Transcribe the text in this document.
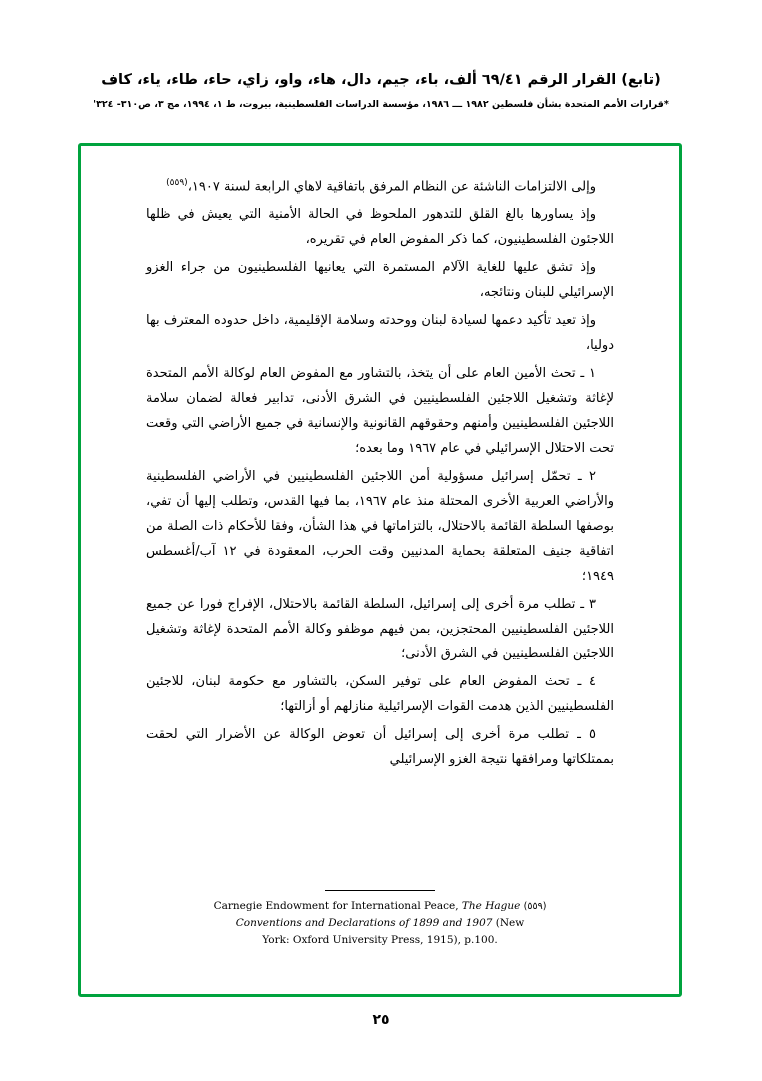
(تابع) القرار الرقم ٦٩/٤١ ألف، باء، جيم، دال، هاء، واو، زاي، حاء، طاء، ياء، كاف
*قرارات الأمم المتحدة بشأن فلسطين ١٩٨٢ ـــ ١٩٨٦، مؤسسة الدراسات الفلسطينية، بيروت، ط ١، ١٩٩٤، مج ٣، ص٣١٠- ٣٢٤'

وإلى الالتزامات الناشئة عن النظام المرفق باتفاقية لاهاي الرابعة لسنة ١٩٠٧،$^{(٥٥٩)}$

وإذ يساورها بالغ القلق للتدهور الملحوظ في الحالة الأمنية التي يعيش في ظلها اللاجئون الفلسطينيون، كما ذكر المفوض العام في تقريره،

وإذ تشق عليها للغاية الآلام المستمرة التي يعانيها الفلسطينيون من جراء الغزو الإسرائيلي للبنان ونتائجه،

وإذ تعيد تأكيد دعمها لسيادة لبنان ووحدته وسلامة الإقليمية، داخل حدوده المعترف بها دوليا،

١ ـ تحث الأمين العام على أن يتخذ، بالتشاور مع المفوض العام لوكالة الأمم المتحدة لإغاثة وتشغيل اللاجئين الفلسطينيين في الشرق الأدنى، تدابير فعالة لضمان سلامة اللاجئين الفلسطينيين وأمنهم وحقوقهم القانونية والإنسانية في جميع الأراضي التي وقعت تحت الاحتلال الإسرائيلي في عام ١٩٦٧ وما بعده؛

٢ ـ تحمّل إسرائيل مسؤولية أمن اللاجئين الفلسطينيين في الأراضي الفلسطينية والأراضي العربية الأخرى المحتلة منذ عام ١٩٦٧، بما فيها القدس، وتطلب إليها أن تفي، بوصفها السلطة القائمة بالاحتلال، بالتزاماتها في هذا الشأن، وفقا للأحكام ذات الصلة من اتفاقية جنيف المتعلقة بحماية المدنيين وقت الحرب، المعقودة في ١٢ آب/أغسطس ١٩٤٩؛

٣ ـ تطلب مرة أخرى إلى إسرائيل، السلطة القائمة بالاحتلال، الإفراج فورا عن جميع اللاجئين الفلسطينيين المحتجزين، بمن فيهم موظفو وكالة الأمم المتحدة لإغاثة وتشغيل اللاجئين الفلسطينيين في الشرق الأدنى؛

٤ ـ تحث المفوض العام على توفير السكن، بالتشاور مع حكومة لبنان، للاجئين الفلسطينيين الذين هدمت القوات الإسرائيلية منازلهم أو أزالتها؛

٥ ـ تطلب مرة أخرى إلى إسرائيل أن تعوض الوكالة عن الأضرار التي لحقت بممتلكاتها ومرافقها نتيجة الغزو الإسرائيلي

Carnegie Endowment for International Peace, The Hague (٥٥٩)
Conventions and Declarations of 1899 and 1907 (New
York: Oxford University Press, 1915), p.100.
٢٥
